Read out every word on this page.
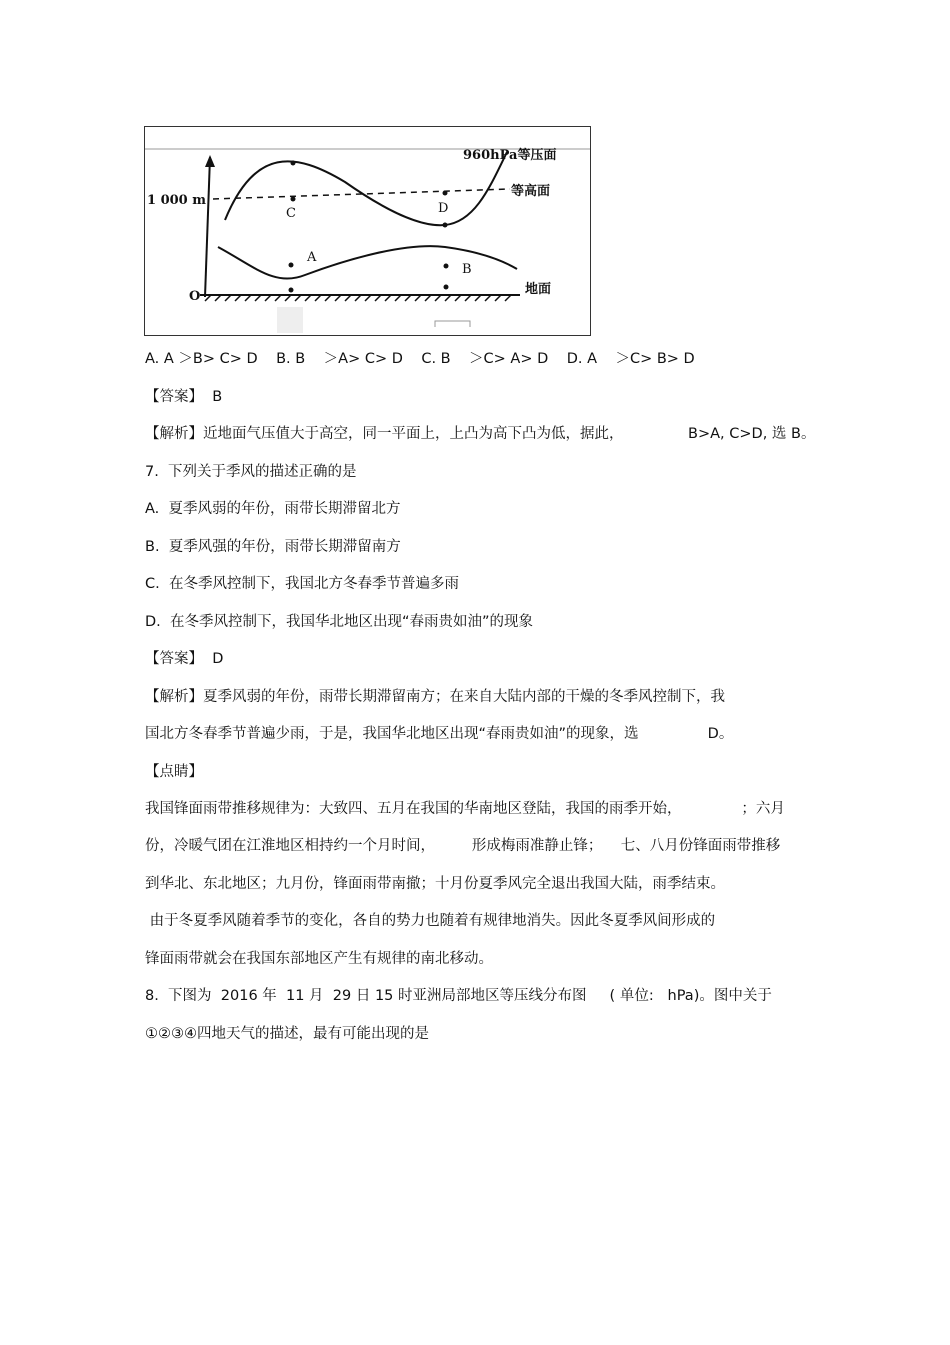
960hPa等压面
等高面
1 000 m
地面
O
A
B
C	D
A. A ＞B> C> D    B. B    ＞A> C> D    C. B    ＞C> A> D    D. A    ＞C> B> D
【答案】  B
【解析】近地面气压值大于高空，同一平面上，上凸为高下凸为低，据此，              B>A, C>D, 选 B。
7.  下列关于季风的描述正确的是
A.  夏季风弱的年份，雨带长期滞留北方
B.  夏季风强的年份，雨带长期滞留南方
C.  在冬季风控制下，我国北方冬春季节普遍多雨
D.  在冬季风控制下，我国华北地区出现“春雨贵如油”的现象
【答案】  D
【解析】夏季风弱的年份，雨带长期滞留南方；在来自大陆内部的干燥的冬季风控制下，我
国北方冬春季节普遍少雨，于是，我国华北地区出现“春雨贵如油”的现象，选               D。
【点睛】
我国锋面雨带推移规律为：大致四、五月在我国的华南地区登陆，我国的雨季开始，             ；六月
份，冷暖气团在江淮地区相持约一个月时间，        形成梅雨准静止锋；    七、八月份锋面雨带推移
到华北、东北地区；九月份，锋面雨带南撤；十月份夏季风完全退出我国大陆，雨季结束。
由于冬夏季风随着季节的变化，各自的势力也随着有规律地消失。因此冬夏季风间形成的
锋面雨带就会在我国东部地区产生有规律的南北移动。
8.  下图为  2016 年  11 月  29 日 15 时亚洲局部地区等压线分布图     ( 单位:   hPa)。图中关于
①②③④四地天气的描述，最有可能出现的是
